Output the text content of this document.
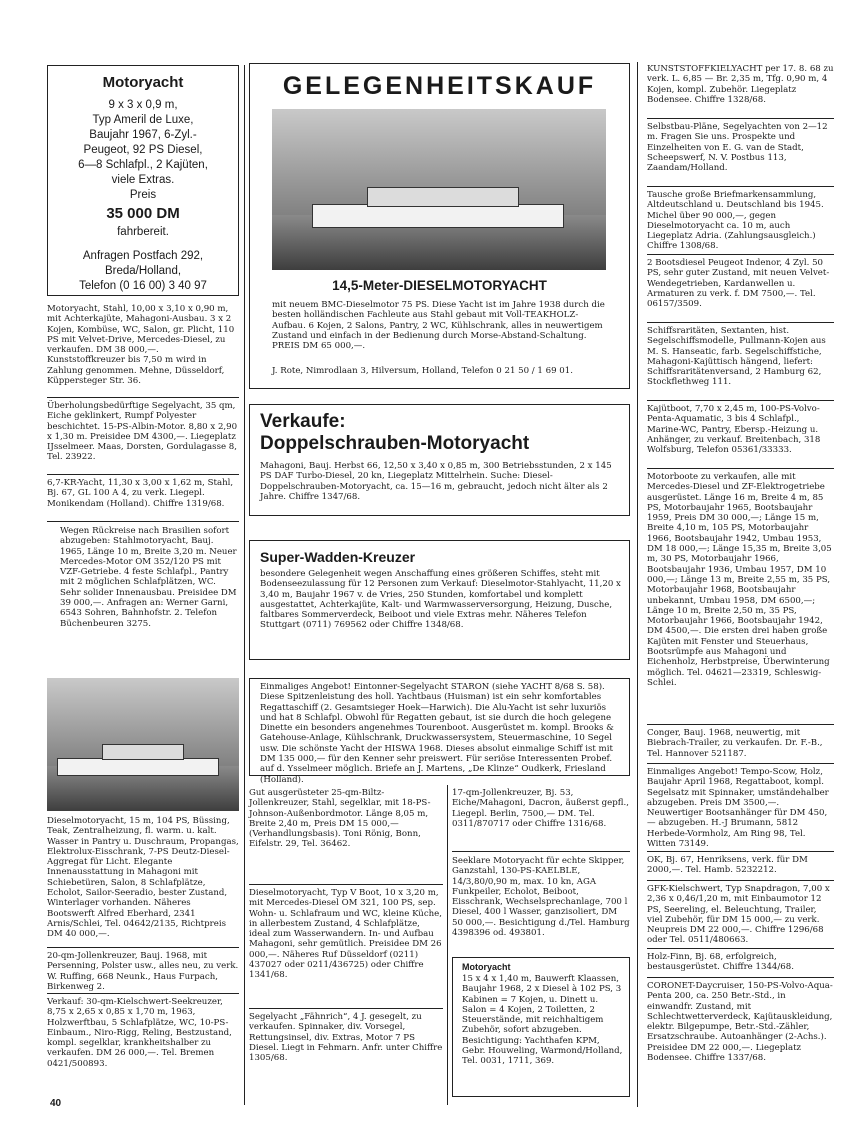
Motoryacht
9 x 3 x 0,9 m,
Typ Ameril de Luxe,
Baujahr 1967, 6-Zyl.-
Peugeot, 92 PS Diesel,
6—8 Schlafpl., 2 Kajüten,
viele Extras.
Preis
35 000 DM
fahrbereit.
Anfragen Postfach 292,
Breda/Holland,
Telefon (0 16 00) 3 40 97
Motoryacht, Stahl, 10,00 x 3,10 x 0,90 m, mit Achterkajüte, Mahagoni-Ausbau. 3 x 2 Kojen, Kombüse, WC, Salon, gr. Plicht, 110 PS mit Velvet-Drive, Mercedes-Diesel, zu verkaufen. DM 38 000,—. Kunststoffkreuzer bis 7,50 m wird in Zahlung genommen. Mehne, Düsseldorf, Küppersteger Str. 36.
Überholungsbedürftige Segelyacht, 35 qm, Eiche geklinkert, Rumpf Polyester beschichtet. 15-PS-Albin-Motor. 8,80 x 2,90 x 1,30 m. Preisidee DM 4300,—. Liegeplatz IJsselmeer. Maas, Dorsten, Gordulagasse 8, Tel. 23922.
6,7-KR-Yacht, 11,30 x 3,00 x 1,62 m, Stahl, Bj. 67, GL 100 A 4, zu verk. Liegepl. Monikendam (Holland). Chiffre 1319/68.
Wegen Rückreise nach Brasilien sofort abzugeben: Stahlmotoryacht, Bauj. 1965, Länge 10 m, Breite 3,20 m. Neuer Mercedes-Motor OM 352/120 PS mit VZF-Getriebe. 4 feste Schlafpl., Pantry mit 2 möglichen Schlafplätzen, WC. Sehr solider Innenausbau. Preisidee DM 39 000,—. Anfragen an: Werner Garni, 6543 Sohren, Bahnhofstr. 2. Telefon Büchenbeuren 3275.
Dieselmotoryacht, 15 m, 104 PS, Büssing, Teak, Zentralheizung, fl. warm. u. kalt. Wasser in Pantry u. Duschraum, Propangas, Elektrolux-Eisschrank, 7-PS Deutz-Diesel-Aggregat für Licht. Elegante Innenausstattung in Mahagoni mit Schiebetüren, Salon, 8 Schlafplätze, Echolot, Sailor-Seeradio, bester Zustand, Winterlager vorhanden. Näheres Bootswerft Alfred Eberhard, 2341 Arnis/Schlei, Tel. 04642/2135, Richtpreis DM 40 000,—.
20-qm-Jollenkreuzer, Bauj. 1968, mit Persenning, Polster usw., alles neu, zu verk. W. Ruffing, 668 Neunk., Haus Furpach, Birkenweg 2.
Verkauf: 30-qm-Kielschwert-Seekreuzer, 8,75 x 2,65 x 0,85 x 1,70 m, 1963, Holzwerftbau, 5 Schlafplätze, WC, 10-PS-Einbaum., Niro-Rigg, Reling, Bestzustand, kompl. segelklar, krankheitshalber zu verkaufen. DM 26 000,—. Tel. Bremen 0421/500893.
40
GELEGENHEITSKAUF
14,5-Meter-DIESELMOTORYACHT
mit neuem BMC-Dieselmotor 75 PS. Diese Yacht ist im Jahre 1938 durch die besten holländischen Fachleute aus Stahl gebaut mit Voll-TEAKHOLZ-Aufbau. 6 Kojen, 2 Salons, Pantry, 2 WC, Kühlschrank, alles in neuwertigem Zustand und einfach in der Bedienung durch Morse-Abstand-Schaltung. PREIS DM 65 000,—.
J. Rote, Nimrodlaan 3, Hilversum, Holland, Telefon 0 21 50 / 1 69 01.
Verkaufe:
Doppelschrauben-Motoryacht
Mahagoni, Bauj. Herbst 66, 12,50 x 3,40 x 0,85 m, 300 Betriebsstunden, 2 x 145 PS DAF Turbo-Diesel, 20 kn, Liegeplatz Mittelrhein. Suche: Diesel-Doppelschrauben-Motoryacht, ca. 15—16 m, gebraucht, jedoch nicht älter als 2 Jahre. Chiffre 1347/68.
Super-Wadden-Kreuzer
besondere Gelegenheit wegen Anschaffung eines größeren Schiffes, steht mit Bodenseezulassung für 12 Personen zum Verkauf: Dieselmotor-Stahlyacht, 11,20 x 3,40 m, Baujahr 1967 v. de Vries, 250 Stunden, komfortabel und komplett ausgestattet, Achterkajüte, Kalt- und Warmwasserversorgung, Heizung, Dusche, faltbares Sommerverdeck, Beiboot und viele Extras mehr. Näheres Telefon Stuttgart (0711) 769562 oder Chiffre 1348/68.
Einmaliges Angebot! Eintonner-Segelyacht STARON (siehe YACHT 8/68 S. 58). Diese Spitzenleistung des holl. Yachtbaus (Huisman) ist ein sehr komfortables Regattaschiff (2. Gesamtsieger Hoek—Harwich). Die Alu-Yacht ist sehr luxuriös und hat 8 Schlafpl. Obwohl für Regatten gebaut, ist sie durch die hoch gelegene Dinette ein besonders angenehmes Tourenboot. Ausgerüstet m. kompl. Brooks & Gatehouse-Anlage, Kühlschrank, Druckwassersystem, Steuermaschine, 10 Segel usw. Die schönste Yacht der HISWA 1968. Dieses absolut einmalige Schiff ist mit DM 135 000,— für den Kenner sehr preiswert. Für seriöse Interessenten Probef. auf d. Ysselmeer möglich. Briefe an J. Martens, „De Klinze“ Oudkerk, Friesland (Holland).
Gut ausgerüsteter 25-qm-Biltz-Jollenkreuzer, Stahl, segelklar, mit 18-PS-Johnson-Außenbordmotor. Länge 8,05 m, Breite 2,40 m, Preis DM 15 000,— (Verhandlungsbasis). Toni Rönig, Bonn, Eifelstr. 29, Tel. 36462.
Dieselmotoryacht, Typ V Boot, 10 x 3,20 m, mit Mercedes-Diesel OM 321, 100 PS, sep. Wohn- u. Schlafraum und WC, kleine Küche, in allerbestem Zustand, 4 Schlafplätze, ideal zum Wasserwandern. In- und Aufbau Mahagoni, sehr gemütlich. Preisidee DM 26 000,—. Näheres Ruf Düsseldorf (0211) 437027 oder 0211/436725) oder Chiffre 1341/68.
Segelyacht „Fähnrich“, 4 J. gesegelt, zu verkaufen. Spinnaker, div. Vorsegel, Rettungsinsel, div. Extras, Motor 7 PS Diesel. Liegt in Fehmarn. Anfr. unter Chiffre 1305/68.
17-qm-Jollenkreuzer, Bj. 53, Eiche/Mahagoni, Dacron, äußerst gepfl., Liegepl. Berlin, 7500,— DM. Tel. 0311/870717 oder Chiffre 1316/68.
Seeklare Motoryacht für echte Skipper, Ganzstahl, 130-PS-KAELBLE, 14/3,80/0,90 m, max. 10 kn, AGA Funkpeiler, Echolot, Beiboot, Eisschrank, Wechselsprechanlage, 700 l Diesel, 400 l Wasser, ganzisoliert, DM 50 000,—. Besichtigung d./Tel. Hamburg 4398396 od. 493801.
Motoryacht
15 x 4 x 1,40 m, Bauwerft Klaassen, Baujahr 1968, 2 x Diesel à 102 PS, 3 Kabinen = 7 Kojen, u. Dinett u. Salon = 4 Kojen, 2 Toiletten, 2 Steuerstände, mit reichhaltigem Zubehör, sofort abzugeben. Besichtigung: Yachthafen KPM, Gebr. Houweling, Warmond/Holland, Tel. 0031, 1711, 369.
KUNSTSTOFFKIELYACHT per 17. 8. 68 zu verk. L. 6,85 — Br. 2,35 m, Tfg. 0,90 m, 4 Kojen, kompl. Zubehör. Liegeplatz Bodensee. Chiffre 1328/68.
Selbstbau-Pläne, Segelyachten von 2—12 m. Fragen Sie uns. Prospekte und Einzelheiten von E. G. van de Stadt, Scheepswerf, N. V. Postbus 113, Zaandam/Holland.
Tausche große Briefmarkensammlung, Altdeutschland u. Deutschland bis 1945. Michel über 90 000,—, gegen Dieselmotoryacht ca. 10 m, auch Liegeplatz Adria. (Zahlungsausgleich.) Chiffre 1308/68.
2 Bootsdiesel Peugeot Indenor, 4 Zyl. 50 PS, sehr guter Zustand, mit neuen Velvet-Wendegetrieben, Kardanwellen u. Armaturen zu verk. f. DM 7500,—. Tel. 06157/3509.
Schiffsraritäten, Sextanten, hist. Segelschiffsmodelle, Pullmann-Kojen aus M. S. Hanseatic, farb. Segelschiffstiche, Mahagoni-Kajüttisch hängend, liefert: Schiffsraritätenversand, 2 Hamburg 62, Stockflethweg 111.
Kajütboot, 7,70 x 2,45 m, 100-PS-Volvo-Penta-Aquamatic, 3 bis 4 Schlafpl., Marine-WC, Pantry, Ebersp.-Heizung u. Anhänger, zu verkauf. Breitenbach, 318 Wolfsburg, Telefon 05361/33333.
Motorboote zu verkaufen, alle mit Mercedes-Diesel und ZF-Elektrogetriebe ausgerüstet. Länge 16 m, Breite 4 m, 85 PS, Motorbaujahr 1965, Bootsbaujahr 1959, Preis DM 30 000,—; Länge 15 m, Breite 4,10 m, 105 PS, Motorbaujahr 1966, Bootsbaujahr 1942, Umbau 1953, DM 18 000,—; Länge 15,35 m, Breite 3,05 m, 30 PS, Motorbaujahr 1966, Bootsbaujahr 1936, Umbau 1957, DM 10 000,—; Länge 13 m, Breite 2,55 m, 35 PS, Motorbaujahr 1968, Bootsbaujahr unbekannt, Umbau 1958, DM 6500,—; Länge 10 m, Breite 2,50 m, 35 PS, Motorbaujahr 1966, Bootsbaujahr 1942, DM 4500,—. Die ersten drei haben große Kajüten mit Fenster und Steuerhaus, Bootsrümpfe aus Mahagoni und Eichenholz, Herbstpreise, Überwinterung möglich. Tel. 04621—23319, Schleswig-Schlei.
Conger, Bauj. 1968, neuwertig, mit Biebrach-Trailer, zu verkaufen. Dr. F.-B., Tel. Hannover 521187.
Einmaliges Angebot! Tempo-Scow, Holz, Baujahr April 1968, Regattaboot, kompl. Segelsatz mit Spinnaker, umständehalber abzugeben. Preis DM 3500,—. Neuwertiger Bootsanhänger für DM 450,— abzugeben. H.-J Brumann, 5812 Herbede-Vormholz, Am Ring 98, Tel. Witten 73149.
OK, Bj. 67, Henriksens, verk. für DM 2000,—. Tel. Hamb. 5232212.
GFK-Kielschwert, Typ Snapdragon, 7,00 x 2,36 x 0,46/1,20 m, mit Einbaumotor 12 PS, Seereling, el. Beleuchtung, Trailer, viel Zubehör, für DM 15 000,— zu verk. Neupreis DM 22 000,—. Chiffre 1296/68 oder Tel. 0511/480663.
Holz-Finn, Bj. 68, erfolgreich, bestausgerüstet. Chiffre 1344/68.
CORONET-Daycruiser, 150-PS-Volvo-Aqua-Penta 200, ca. 250 Betr.-Std., in einwandfr. Zustand, mit Schlechtwetterverdeck, Kajütauskleidung, elektr. Bilgepumpe, Betr.-Std.-Zähler, Ersatzschraube. Autoanhänger (2-Achs.). Preisidee DM 22 000,—. Liegeplatz Bodensee. Chiffre 1337/68.
